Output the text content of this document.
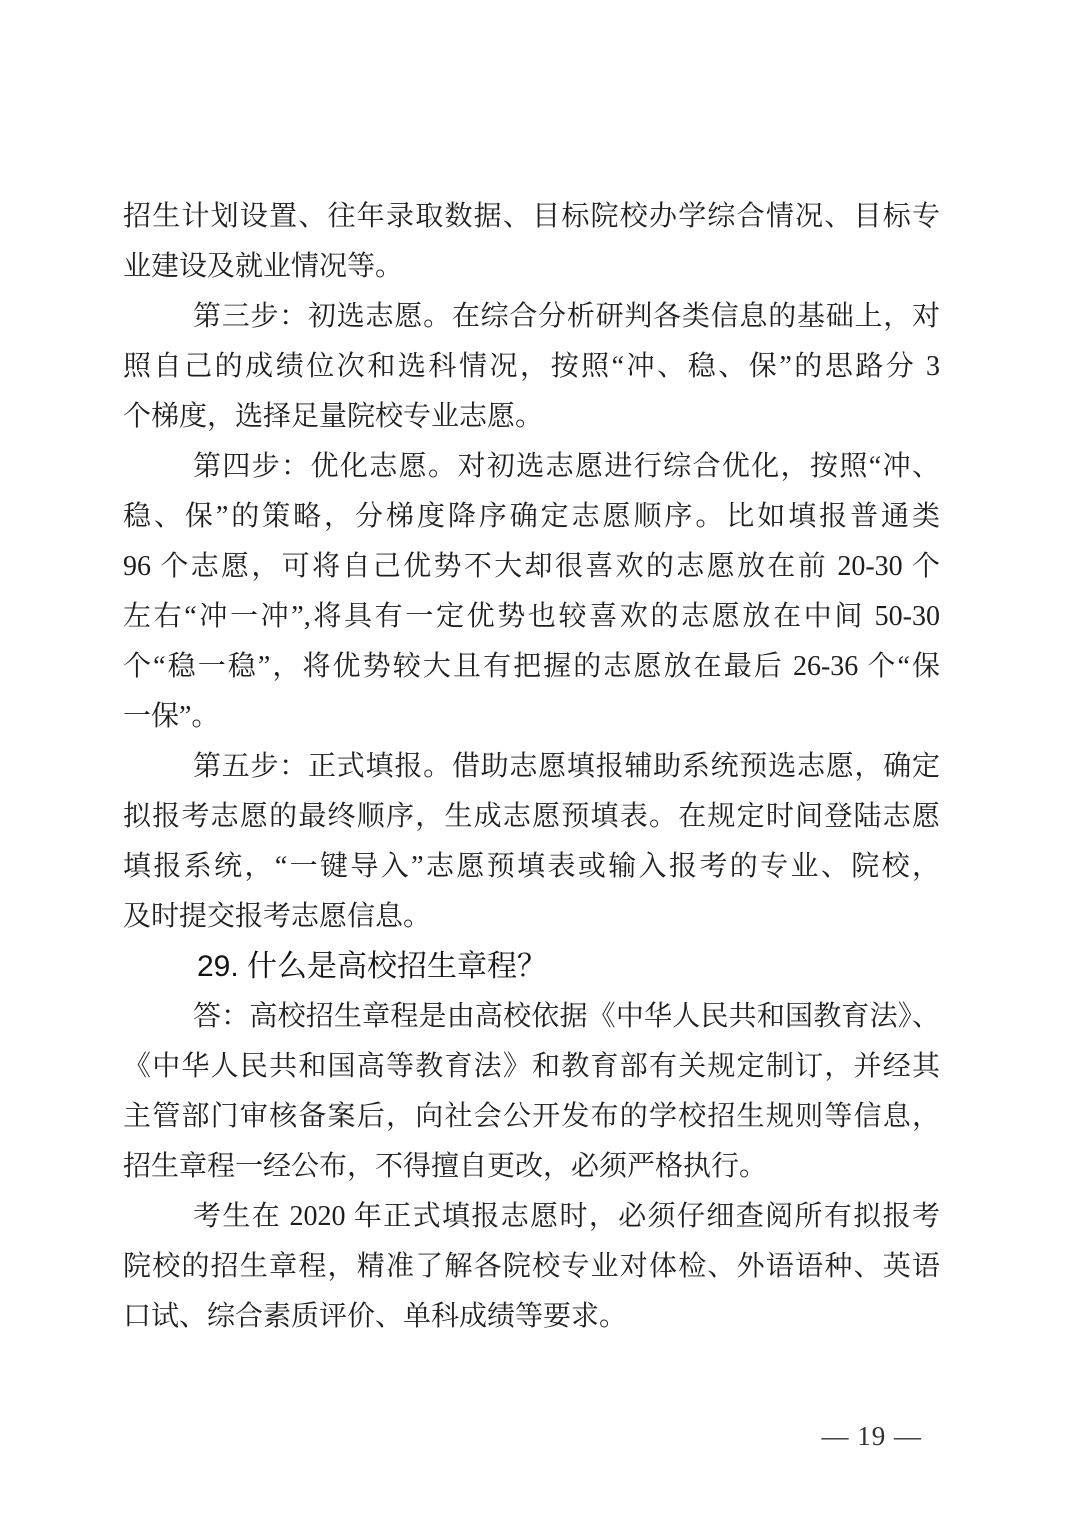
招生计划设置、往年录取数据、目标院校办学综合情况、目标专
业建设及就业情况等。
第三步：初选志愿。在综合分析研判各类信息的基础上，对
照自己的成绩位次和选科情况，按照“冲、稳、保”的思路分 3
个梯度，选择足量院校专业志愿。
第四步：优化志愿。对初选志愿进行综合优化，按照“冲、
稳、保”的策略，分梯度降序确定志愿顺序。比如填报普通类
96 个志愿，可将自己优势不大却很喜欢的志愿放在前 20-30 个
左右“冲一冲”,将具有一定优势也较喜欢的志愿放在中间 50-30
个“稳一稳”，将优势较大且有把握的志愿放在最后 26-36 个“保
一保”。
第五步：正式填报。借助志愿填报辅助系统预选志愿，确定
拟报考志愿的最终顺序，生成志愿预填表。在规定时间登陆志愿
填报系统，“一键导入”志愿预填表或输入报考的专业、院校，
及时提交报考志愿信息。
29. 什么是高校招生章程？
答：高校招生章程是由高校依据《中华人民共和国教育法》、
《中华人民共和国高等教育法》和教育部有关规定制订，并经其
主管部门审核备案后，向社会公开发布的学校招生规则等信息，
招生章程一经公布，不得擅自更改，必须严格执行。
考生在 2020 年正式填报志愿时，必须仔细查阅所有拟报考
院校的招生章程，精准了解各院校专业对体检、外语语种、英语
口试、综合素质评价、单科成绩等要求。
— 19 —
